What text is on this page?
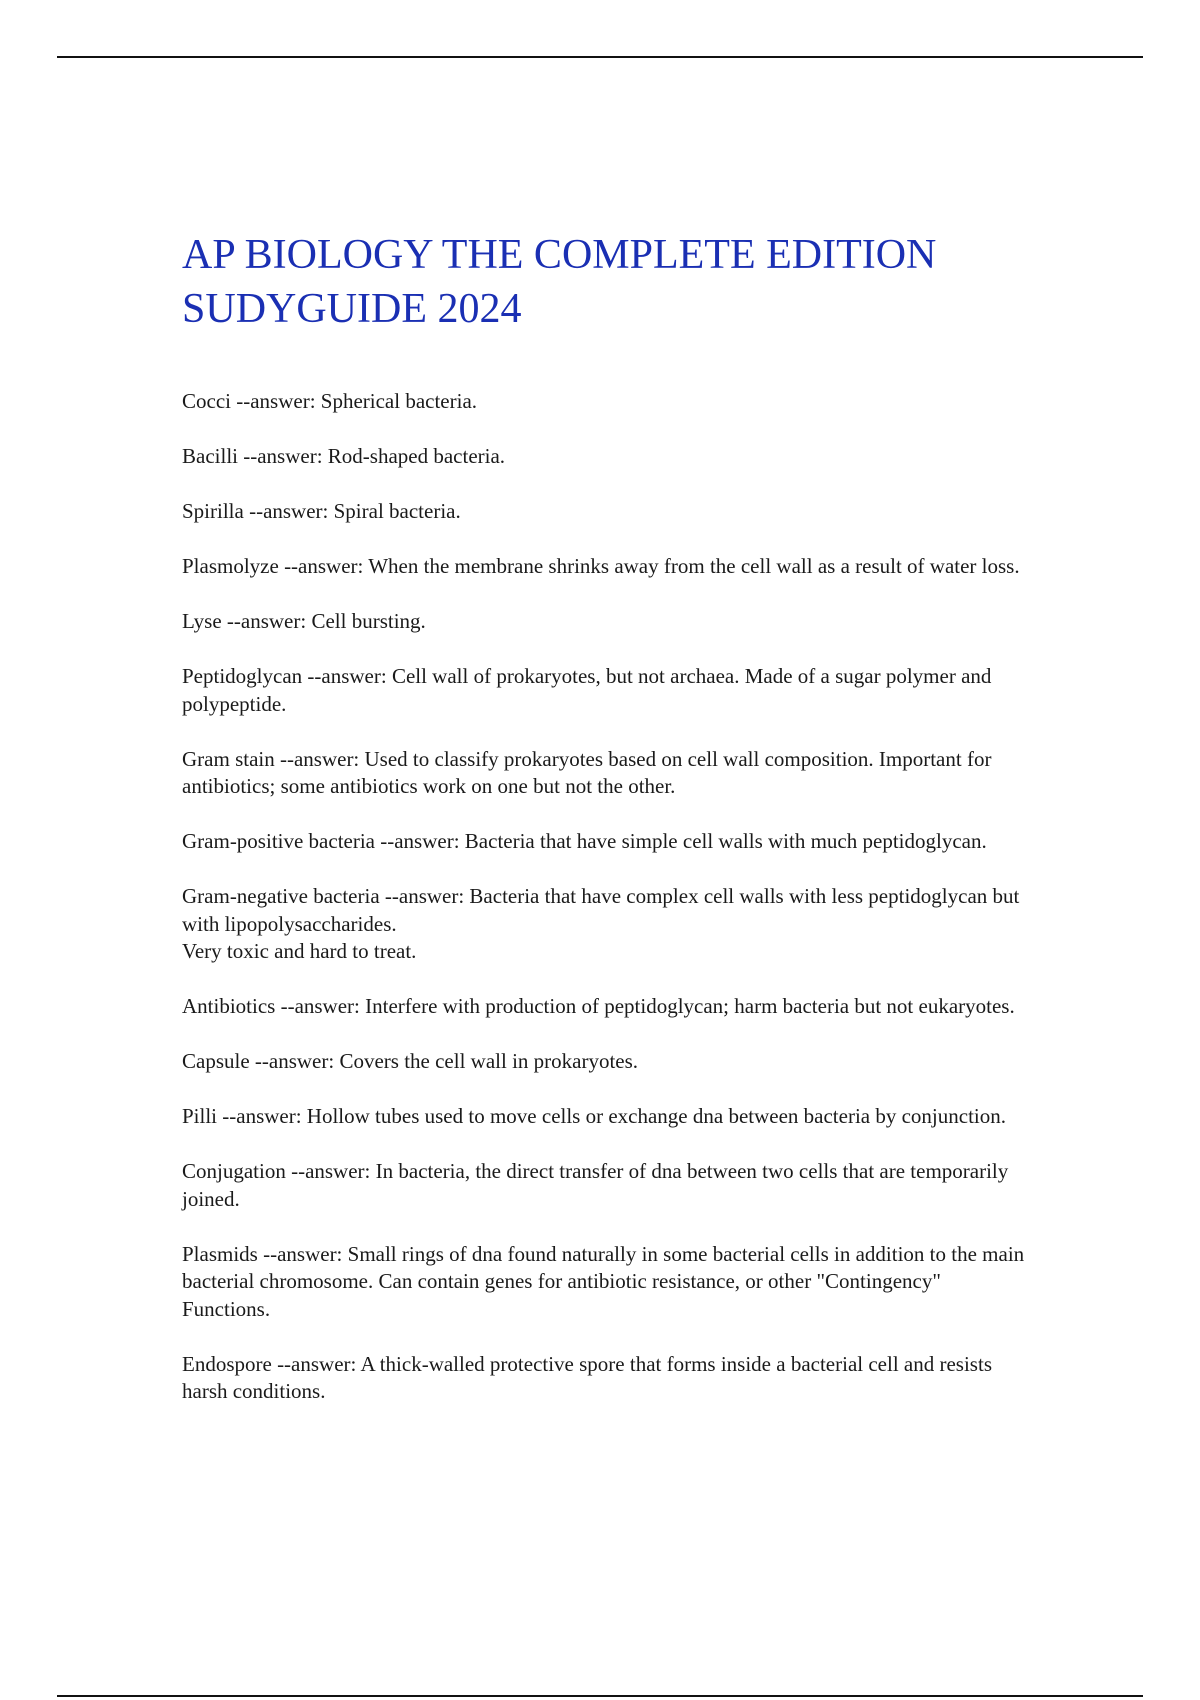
AP BIOLOGY THE COMPLETE EDITION
SUDYGUIDE 2024

Cocci --answer: Spherical bacteria.

Bacilli --answer: Rod-shaped bacteria.

Spirilla --answer: Spiral bacteria.

Plasmolyze --answer: When the membrane shrinks away from the cell wall as a result of water loss.

Lyse --answer: Cell bursting.

Peptidoglycan --answer: Cell wall of prokaryotes, but not archaea. Made of a sugar polymer and polypeptide.

Gram stain --answer: Used to classify prokaryotes based on cell wall composition. Important for antibiotics; some antibiotics work on one but not the other.

Gram-positive bacteria --answer: Bacteria that have simple cell walls with much peptidoglycan.

Gram-negative bacteria --answer: Bacteria that have complex cell walls with less peptidoglycan but with lipopolysaccharides.
Very toxic and hard to treat.

Antibiotics --answer: Interfere with production of peptidoglycan; harm bacteria but not eukaryotes.

Capsule --answer: Covers the cell wall in prokaryotes.

Pilli --answer: Hollow tubes used to move cells or exchange dna between bacteria by conjunction.

Conjugation --answer: In bacteria, the direct transfer of dna between two cells that are temporarily joined.

Plasmids --answer: Small rings of dna found naturally in some bacterial cells in addition to the main bacterial chromosome. Can contain genes for antibiotic resistance, or other "Contingency" Functions.

Endospore --answer: A thick-walled protective spore that forms inside a bacterial cell and resists harsh conditions.
